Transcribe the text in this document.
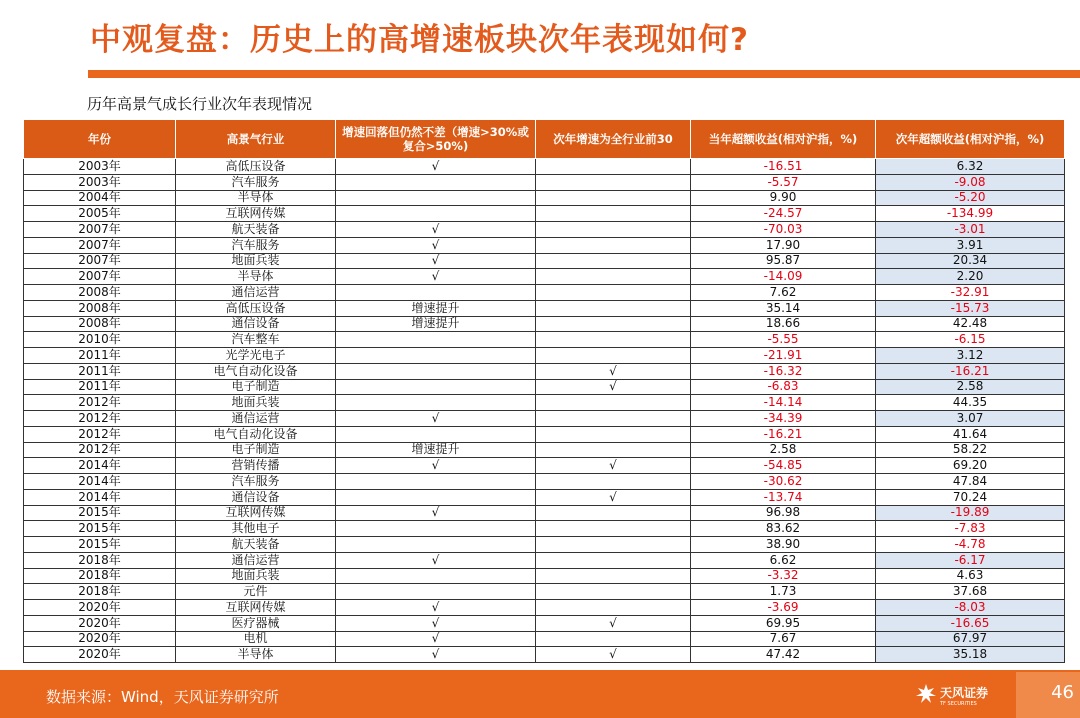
中观复盘：历史上的高增速板块次年表现如何?
历年高景气成长行业次年表现情况
年份	高景气行业	增速回落但仍然不差（增速>30%或复合>50%)	次年增速为全行业前30	当年超额收益(相对沪指，%)	次年超额收益(相对沪指，%)
2003年	高低压设备	√		-16.51	6.32
2003年	汽车服务			-5.57	-9.08
2004年	半导体			9.90	-5.20
2005年	互联网传媒			-24.57	-134.99
2007年	航天装备	√		-70.03	-3.01
2007年	汽车服务	√		17.90	3.91
2007年	地面兵装	√		95.87	20.34
2007年	半导体	√		-14.09	2.20
2008年	通信运营			7.62	-32.91
2008年	高低压设备	增速提升		35.14	-15.73
2008年	通信设备	增速提升		18.66	42.48
2010年	汽车整车			-5.55	-6.15
2011年	光学光电子			-21.91	3.12
2011年	电气自动化设备		√	-16.32	-16.21
2011年	电子制造		√	-6.83	2.58
2012年	地面兵装			-14.14	44.35
2012年	通信运营	√		-34.39	3.07
2012年	电气自动化设备			-16.21	41.64
2012年	电子制造	增速提升		2.58	58.22
2014年	营销传播	√	√	-54.85	69.20
2014年	汽车服务			-30.62	47.84
2014年	通信设备		√	-13.74	70.24
2015年	互联网传媒	√		96.98	-19.89
2015年	其他电子			83.62	-7.83
2015年	航天装备			38.90	-4.78
2018年	通信运营	√		6.62	-6.17
2018年	地面兵装			-3.32	4.63
2018年	元件			1.73	37.68
2020年	互联网传媒	√		-3.69	-8.03
2020年	医疗器械	√	√	69.95	-16.65
2020年	电机	√		7.67	67.97
2020年	半导体	√	√	47.42	35.18
数据来源：Wind，天风证券研究所	天风证券
TF SECURITIES
46
